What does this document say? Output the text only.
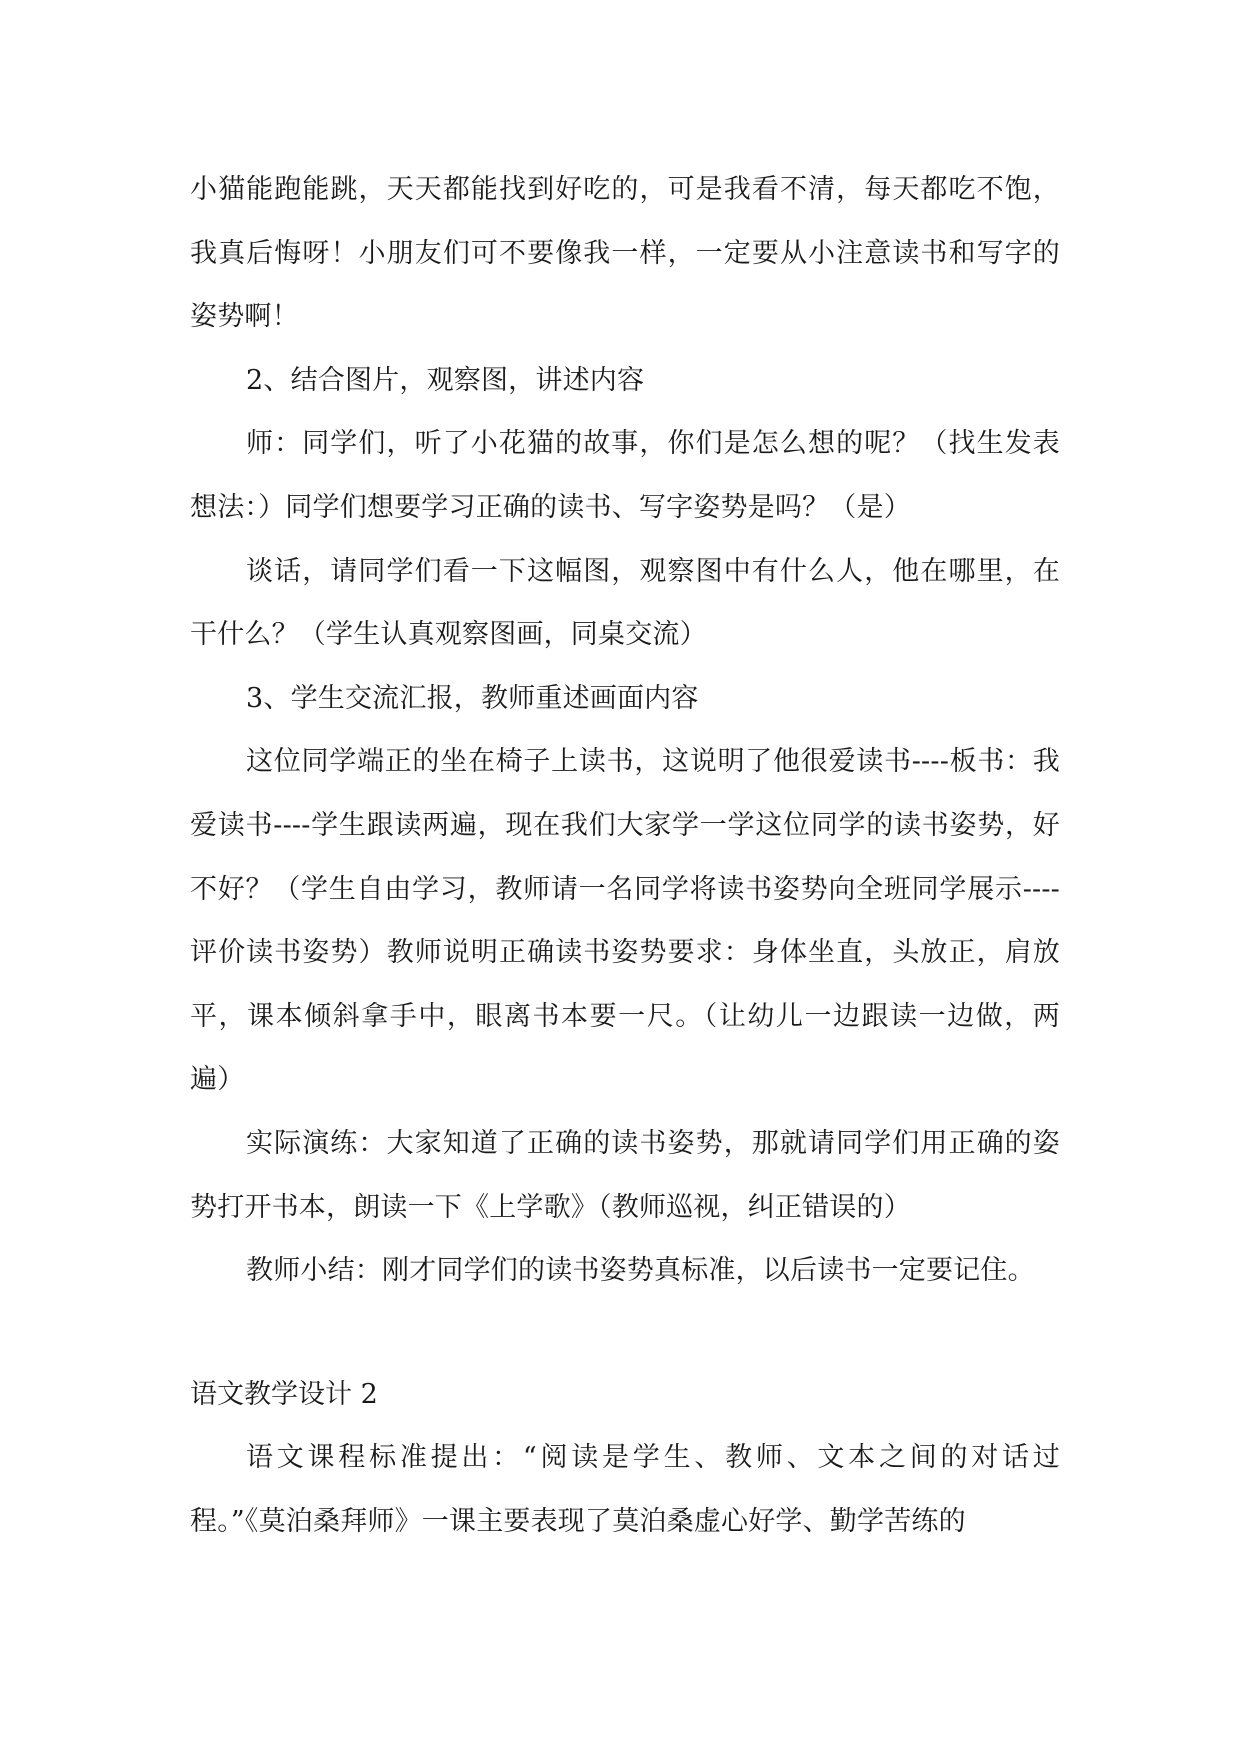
小猫能跑能跳，天天都能找到好吃的，可是我看不清，每天都吃不饱，我真后悔呀！小朋友们可不要像我一样，一定要从小注意读书和写字的姿势啊！

2、结合图片，观察图，讲述内容

师：同学们，听了小花猫的故事，你们是怎么想的呢？（找生发表想法：）同学们想要学习正确的读书、写字姿势是吗？（是）

谈话，请同学们看一下这幅图，观察图中有什么人，他在哪里，在干什么？（学生认真观察图画，同桌交流）

3、学生交流汇报，教师重述画面内容

这位同学端正的坐在椅子上读书，这说明了他很爱读书----板书：我爱读书----学生跟读两遍，现在我们大家学一学这位同学的读书姿势，好不好？（学生自由学习，教师请一名同学将读书姿势向全班同学展示----评价读书姿势）教师说明正确读书姿势要求：身体坐直，头放正，肩放平，课本倾斜拿手中，眼离书本要一尺。（让幼儿一边跟读一边做，两遍）

实际演练：大家知道了正确的读书姿势，那就请同学们用正确的姿势打开书本，朗读一下《上学歌》（教师巡视，纠正错误的）

教师小结：刚才同学们的读书姿势真标准，以后读书一定要记住。

语文教学设计 2

语文课程标准提出：“阅读是学生、教师、文本之间的对话过程。”《莫泊桑拜师》一课主要表现了莫泊桑虚心好学、勤学苦练的
